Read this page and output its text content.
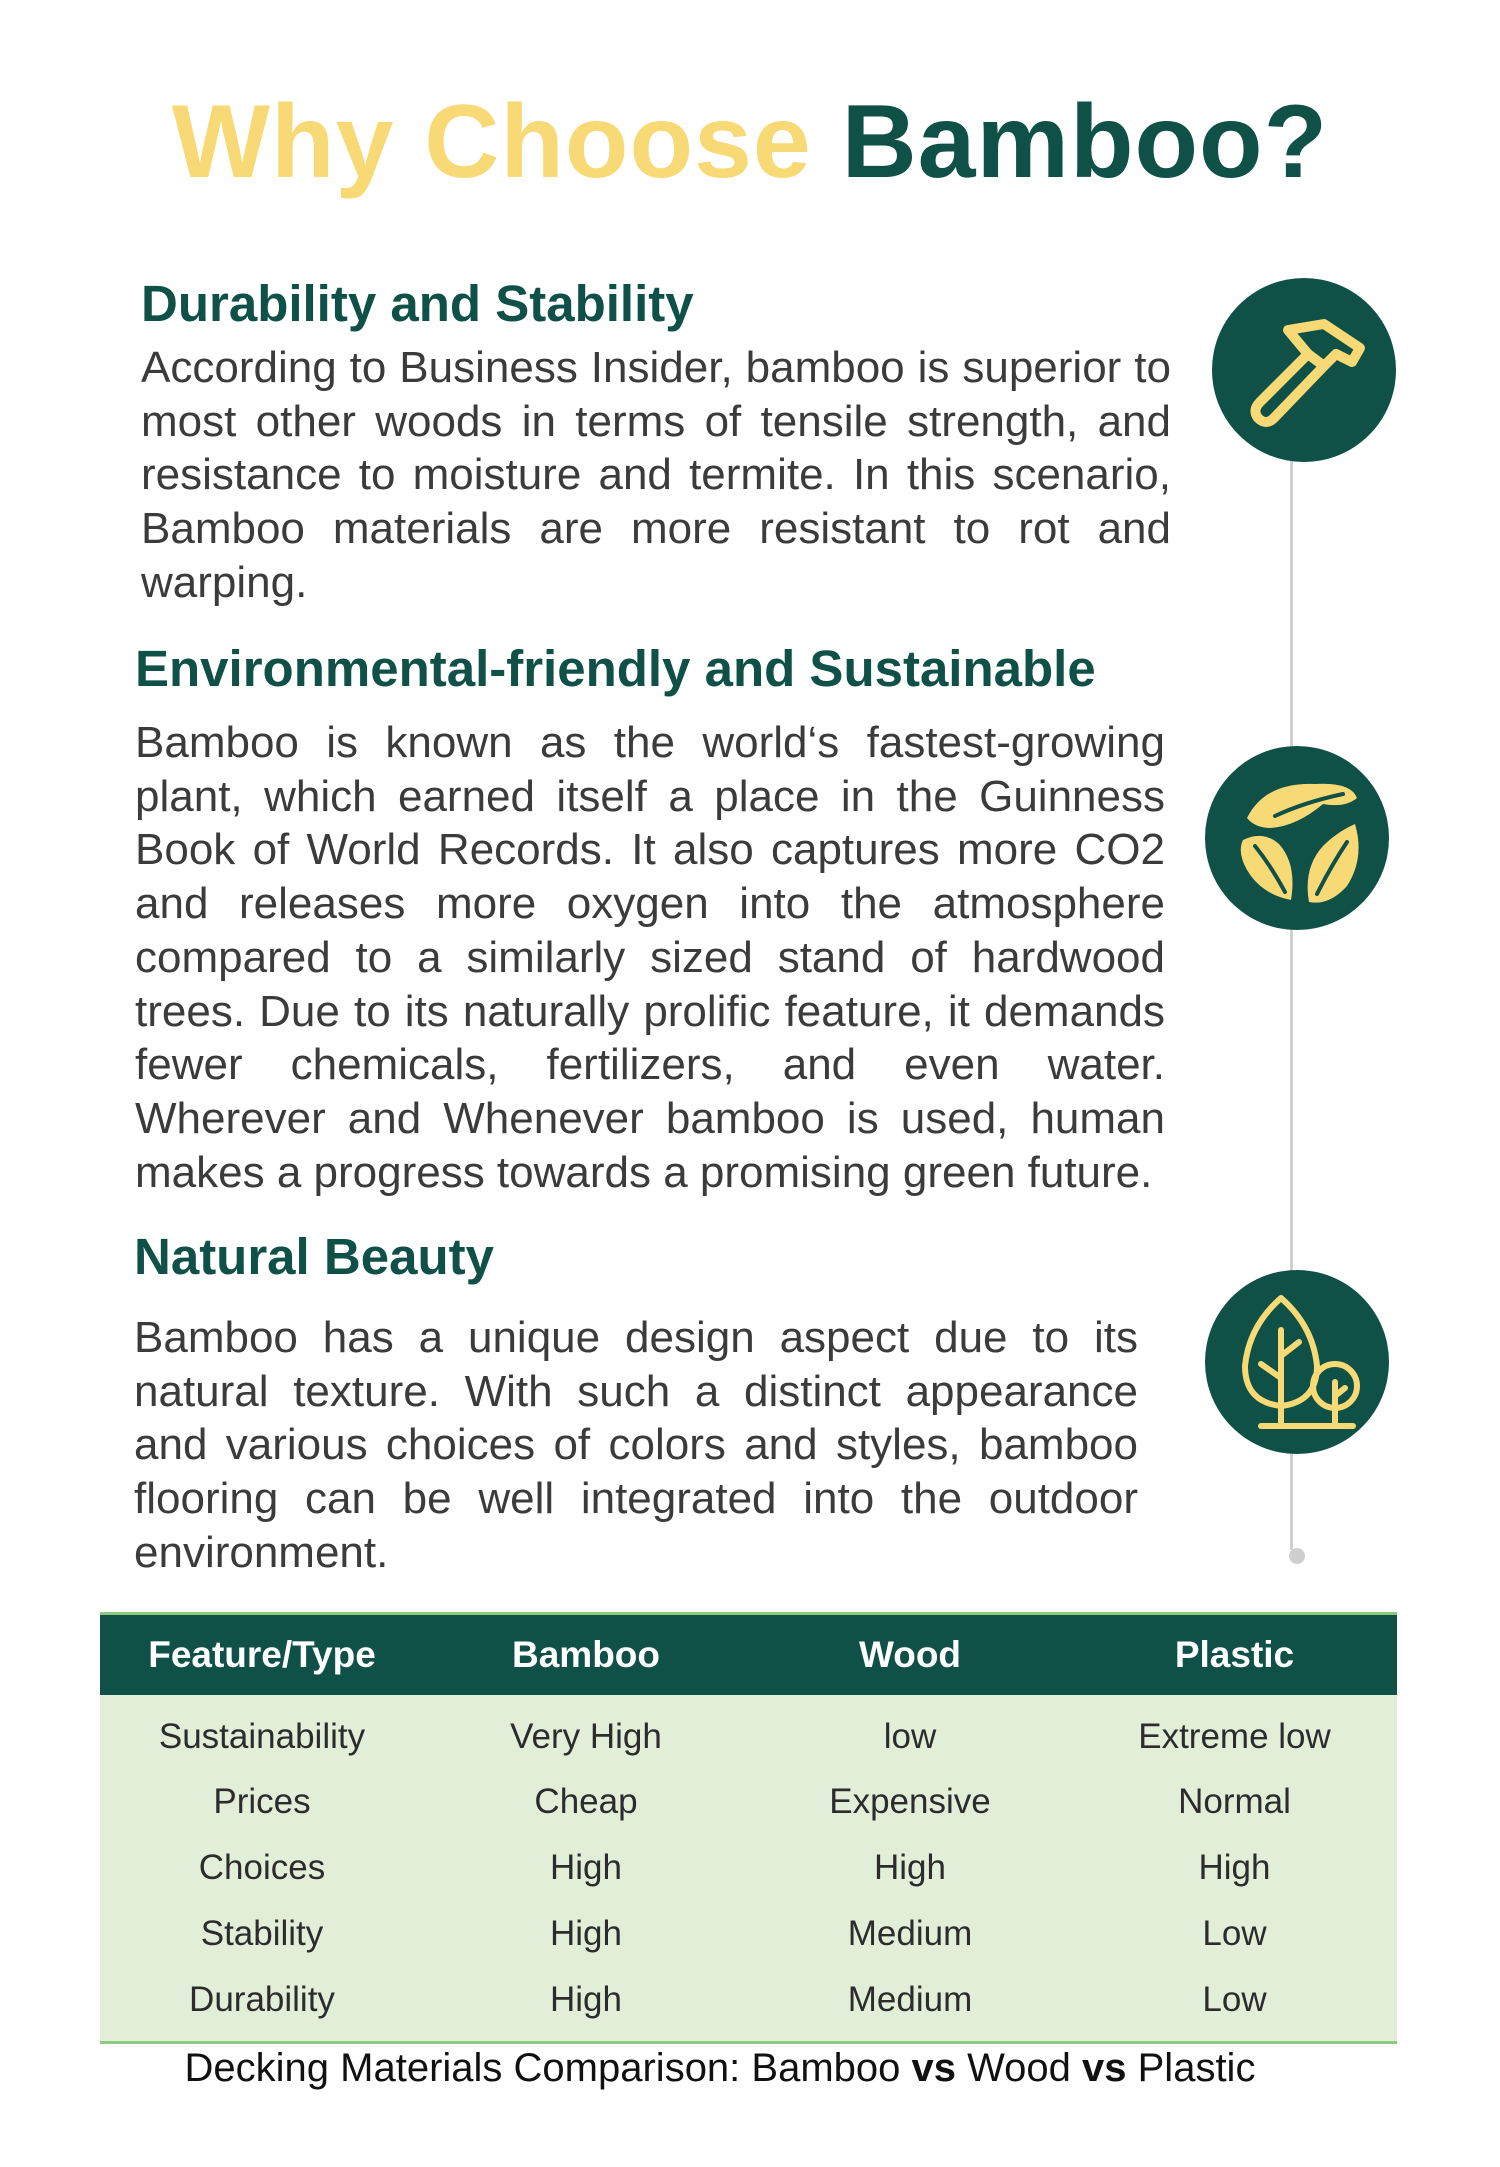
Why Choose Bamboo?
Durability and Stability

According to Business Insider, bamboo is superior to most other woods in terms of tensile strength, and resistance to moisture and termite. In this scenario, Bamboo materials are more resistant to rot and warping.

Environmental-friendly and Sustainable

Bamboo is known as the world‘s fastest-growing plant, which earned itself a place in the Guinness Book of World Records. It also captures more CO2 and releases more oxygen into the atmosphere compared to a similarly sized stand of hardwood trees. Due to its naturally prolific feature, it demands fewer chemicals, fertilizers, and even water. Wherever and Whenever bamboo is used, human makes a progress towards a promising green future.

Natural Beauty

Bamboo has a unique design aspect due to its natural texture. With such a distinct appearance and various choices of colors and styles, bamboo flooring can be well integrated into the outdoor environment.

Feature/Type	Bamboo	Wood	Plastic
Sustainability	Very High	low	Extreme low
Prices	Cheap	Expensive	Normal
Choices	High	High	High
Stability	High	Medium	Low
Durability	High	Medium	Low
Decking Materials Comparison: Bamboo vs Wood vs Plastic
